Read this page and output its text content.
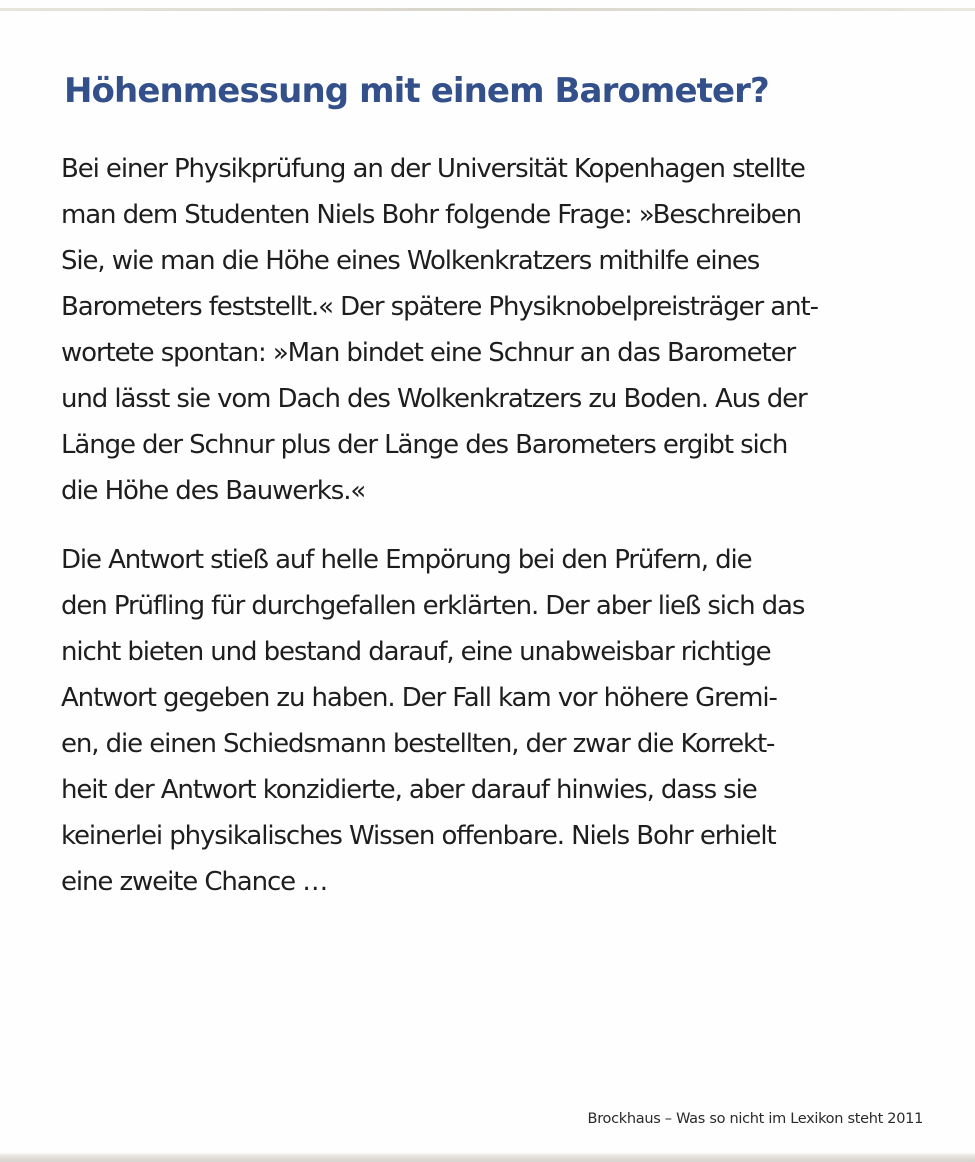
Höhenmessung mit einem Barometer?
Bei einer Physikprüfung an der Universität Kopenhagen stellte
man dem Studenten Niels Bohr folgende Frage: »Beschreiben
Sie, wie man die Höhe eines Wolkenkratzers mithilfe eines
Barometers feststellt.« Der spätere Physiknobelpreisträger ant-
wortete spontan: »Man bindet eine Schnur an das Barometer
und lässt sie vom Dach des Wolkenkratzers zu Boden. Aus der
Länge der Schnur plus der Länge des Barometers ergibt sich
die Höhe des Bauwerks.«
Die Antwort stieß auf helle Empörung bei den Prüfern, die
den Prüfling für durchgefallen erklärten. Der aber ließ sich das
nicht bieten und bestand darauf, eine unabweisbar richtige
Antwort gegeben zu haben. Der Fall kam vor höhere Gremi-
en, die einen Schiedsmann bestellten, der zwar die Korrekt-
heit der Antwort konzidierte, aber darauf hinwies, dass sie
keinerlei physikalisches Wissen offenbare. Niels Bohr erhielt
eine zweite Chance …

Brockhaus – Was so nicht im Lexikon steht 2011
